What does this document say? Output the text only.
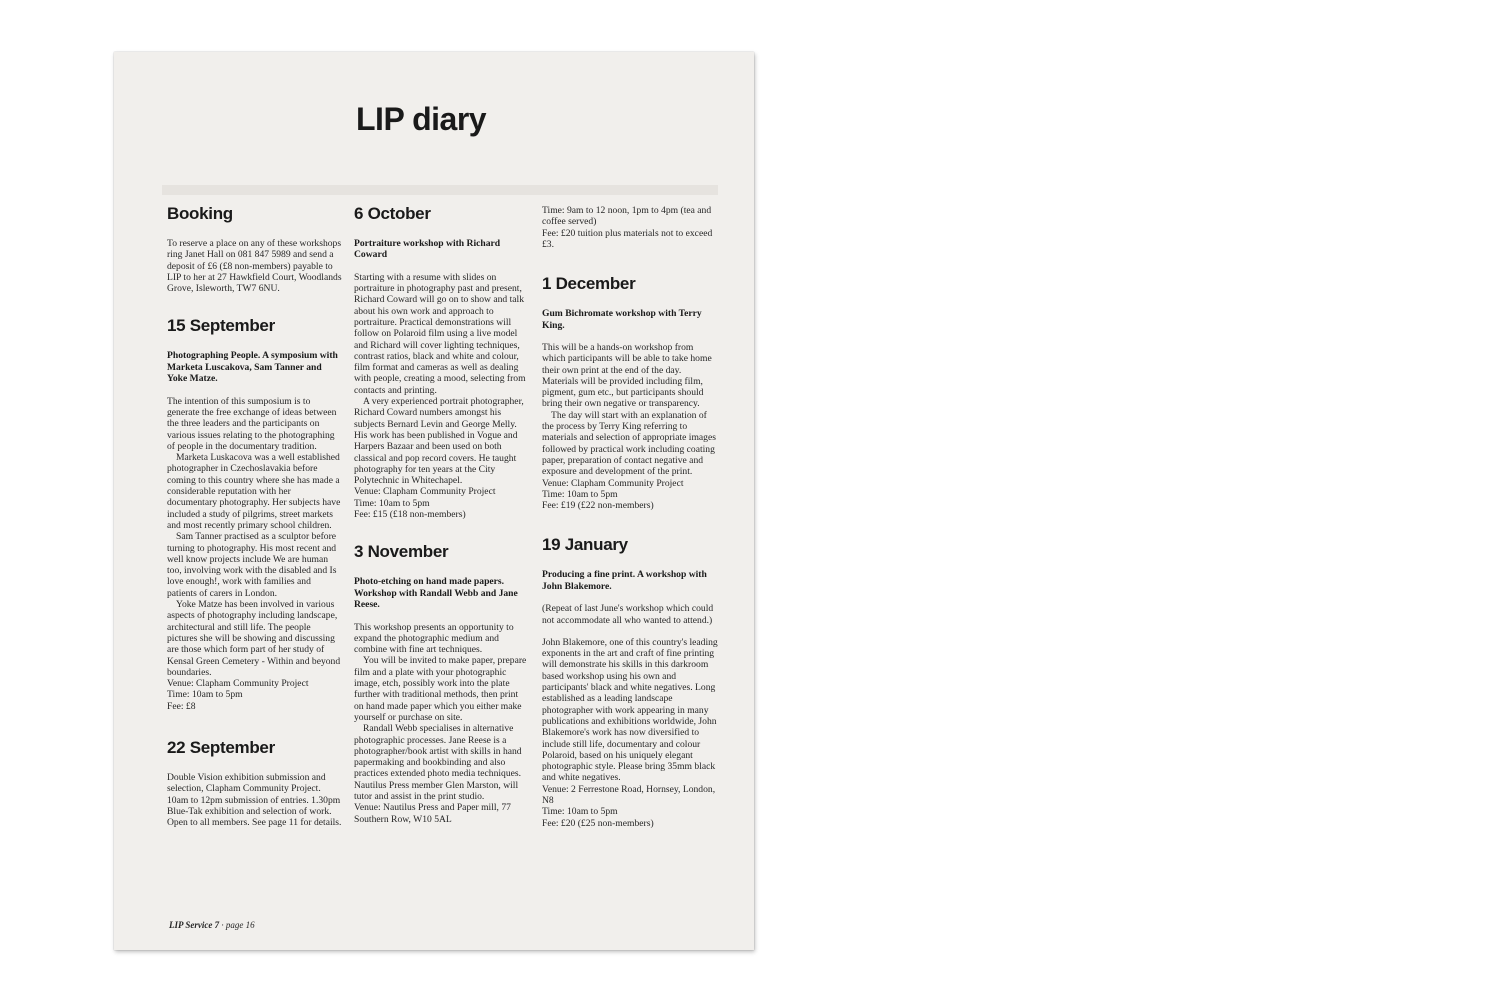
LIP diary
Booking

To reserve a place on any of these workshops ring Janet Hall on 081 847 5989 and send a deposit of £6 (£8 non-members) payable to LIP to her at 27 Hawkfield Court, Woodlands Grove, Isleworth, TW7 6NU.

15 September

Photographing People. A symposium with Marketa Luscakova, Sam Tanner and Yoke Matze.

The intention of this sumposium is to generate the free exchange of ideas between the three leaders and the participants on various issues relating to the photographing of people in the documentary tradition.

Marketa Luskacova was a well established photographer in Czechoslavakia before coming to this country where she has made a considerable reputation with her documentary photography. Her subjects have included a study of pilgrims, street markets and most recently primary school children.

Sam Tanner practised as a sculptor before turning to photography. His most recent and well know projects include We are human too, involving work with the disabled and Is love enough!, work with families and patients of carers in London.

Yoke Matze has been involved in various aspects of photography including landscape, architectural and still life. The people pictures she will be showing and discussing are those which form part of her study of Kensal Green Cemetery - Within and beyond boundaries.

Venue: Clapham Community Project

Time: 10am to 5pm

Fee: £8

22 September

Double Vision exhibition submission and selection, Clapham Community Project. 10am to 12pm submission of entries. 1.30pm Blue-Tak exhibition and selection of work. Open to all members. See page 11 for details.

6 October

Portraiture workshop with Richard Coward

Starting with a resume with slides on portraiture in photography past and present, Richard Coward will go on to show and talk about his own work and approach to portraiture. Practical demonstrations will follow on Polaroid film using a live model and Richard will cover lighting techniques, contrast ratios, black and white and colour, film format and cameras as well as dealing with people, creating a mood, selecting from contacts and printing.

A very experienced portrait photographer, Richard Coward numbers amongst his subjects Bernard Levin and George Melly. His work has been published in Vogue and Harpers Bazaar and been used on both classical and pop record covers. He taught photography for ten years at the City Polytechnic in Whitechapel.

Venue: Clapham Community Project

Time: 10am to 5pm

Fee: £15 (£18 non-members)

3 November

Photo-etching on hand made papers. Workshop with Randall Webb and Jane Reese.

This workshop presents an opportunity to expand the photographic medium and combine with fine art techniques.

You will be invited to make paper, prepare film and a plate with your photographic image, etch, possibly work into the plate further with traditional methods, then print on hand made paper which you either make yourself or purchase on site.

Randall Webb specialises in alternative photographic processes. Jane Reese is a photographer/book artist with skills in hand papermaking and bookbinding and also practices extended photo media techniques. Nautilus Press member Glen Marston, will tutor and assist in the print studio.

Venue: Nautilus Press and Paper mill, 77 Southern Row, W10 5AL

Time: 9am to 12 noon, 1pm to 4pm (tea and coffee served)

Fee: £20 tuition plus materials not to exceed £3.

1 December

Gum Bichromate workshop with Terry King.

This will be a hands-on workshop from which participants will be able to take home their own print at the end of the day. Materials will be provided including film, pigment, gum etc., but participants should bring their own negative or transparency.

The day will start with an explanation of the process by Terry King referring to materials and selection of appropriate images followed by practical work including coating paper, preparation of contact negative and exposure and development of the print.

Venue: Clapham Community Project

Time: 10am to 5pm

Fee: £19 (£22 non-members)

19 January

Producing a fine print. A workshop with John Blakemore.

(Repeat of last June's workshop which could not accommodate all who wanted to attend.)

John Blakemore, one of this country's leading exponents in the art and craft of fine printing will demonstrate his skills in this darkroom based workshop using his own and participants' black and white negatives. Long established as a leading landscape photographer with work appearing in many publications and exhibitions worldwide, John Blakemore's work has now diversified to include still life, documentary and colour Polaroid, based on his uniquely elegant photographic style. Please bring 35mm black and white negatives.

Venue: 2 Ferrestone Road, Hornsey, London, N8

Time: 10am to 5pm

Fee: £20 (£25 non-members)

LIP Service 7 · page 16
